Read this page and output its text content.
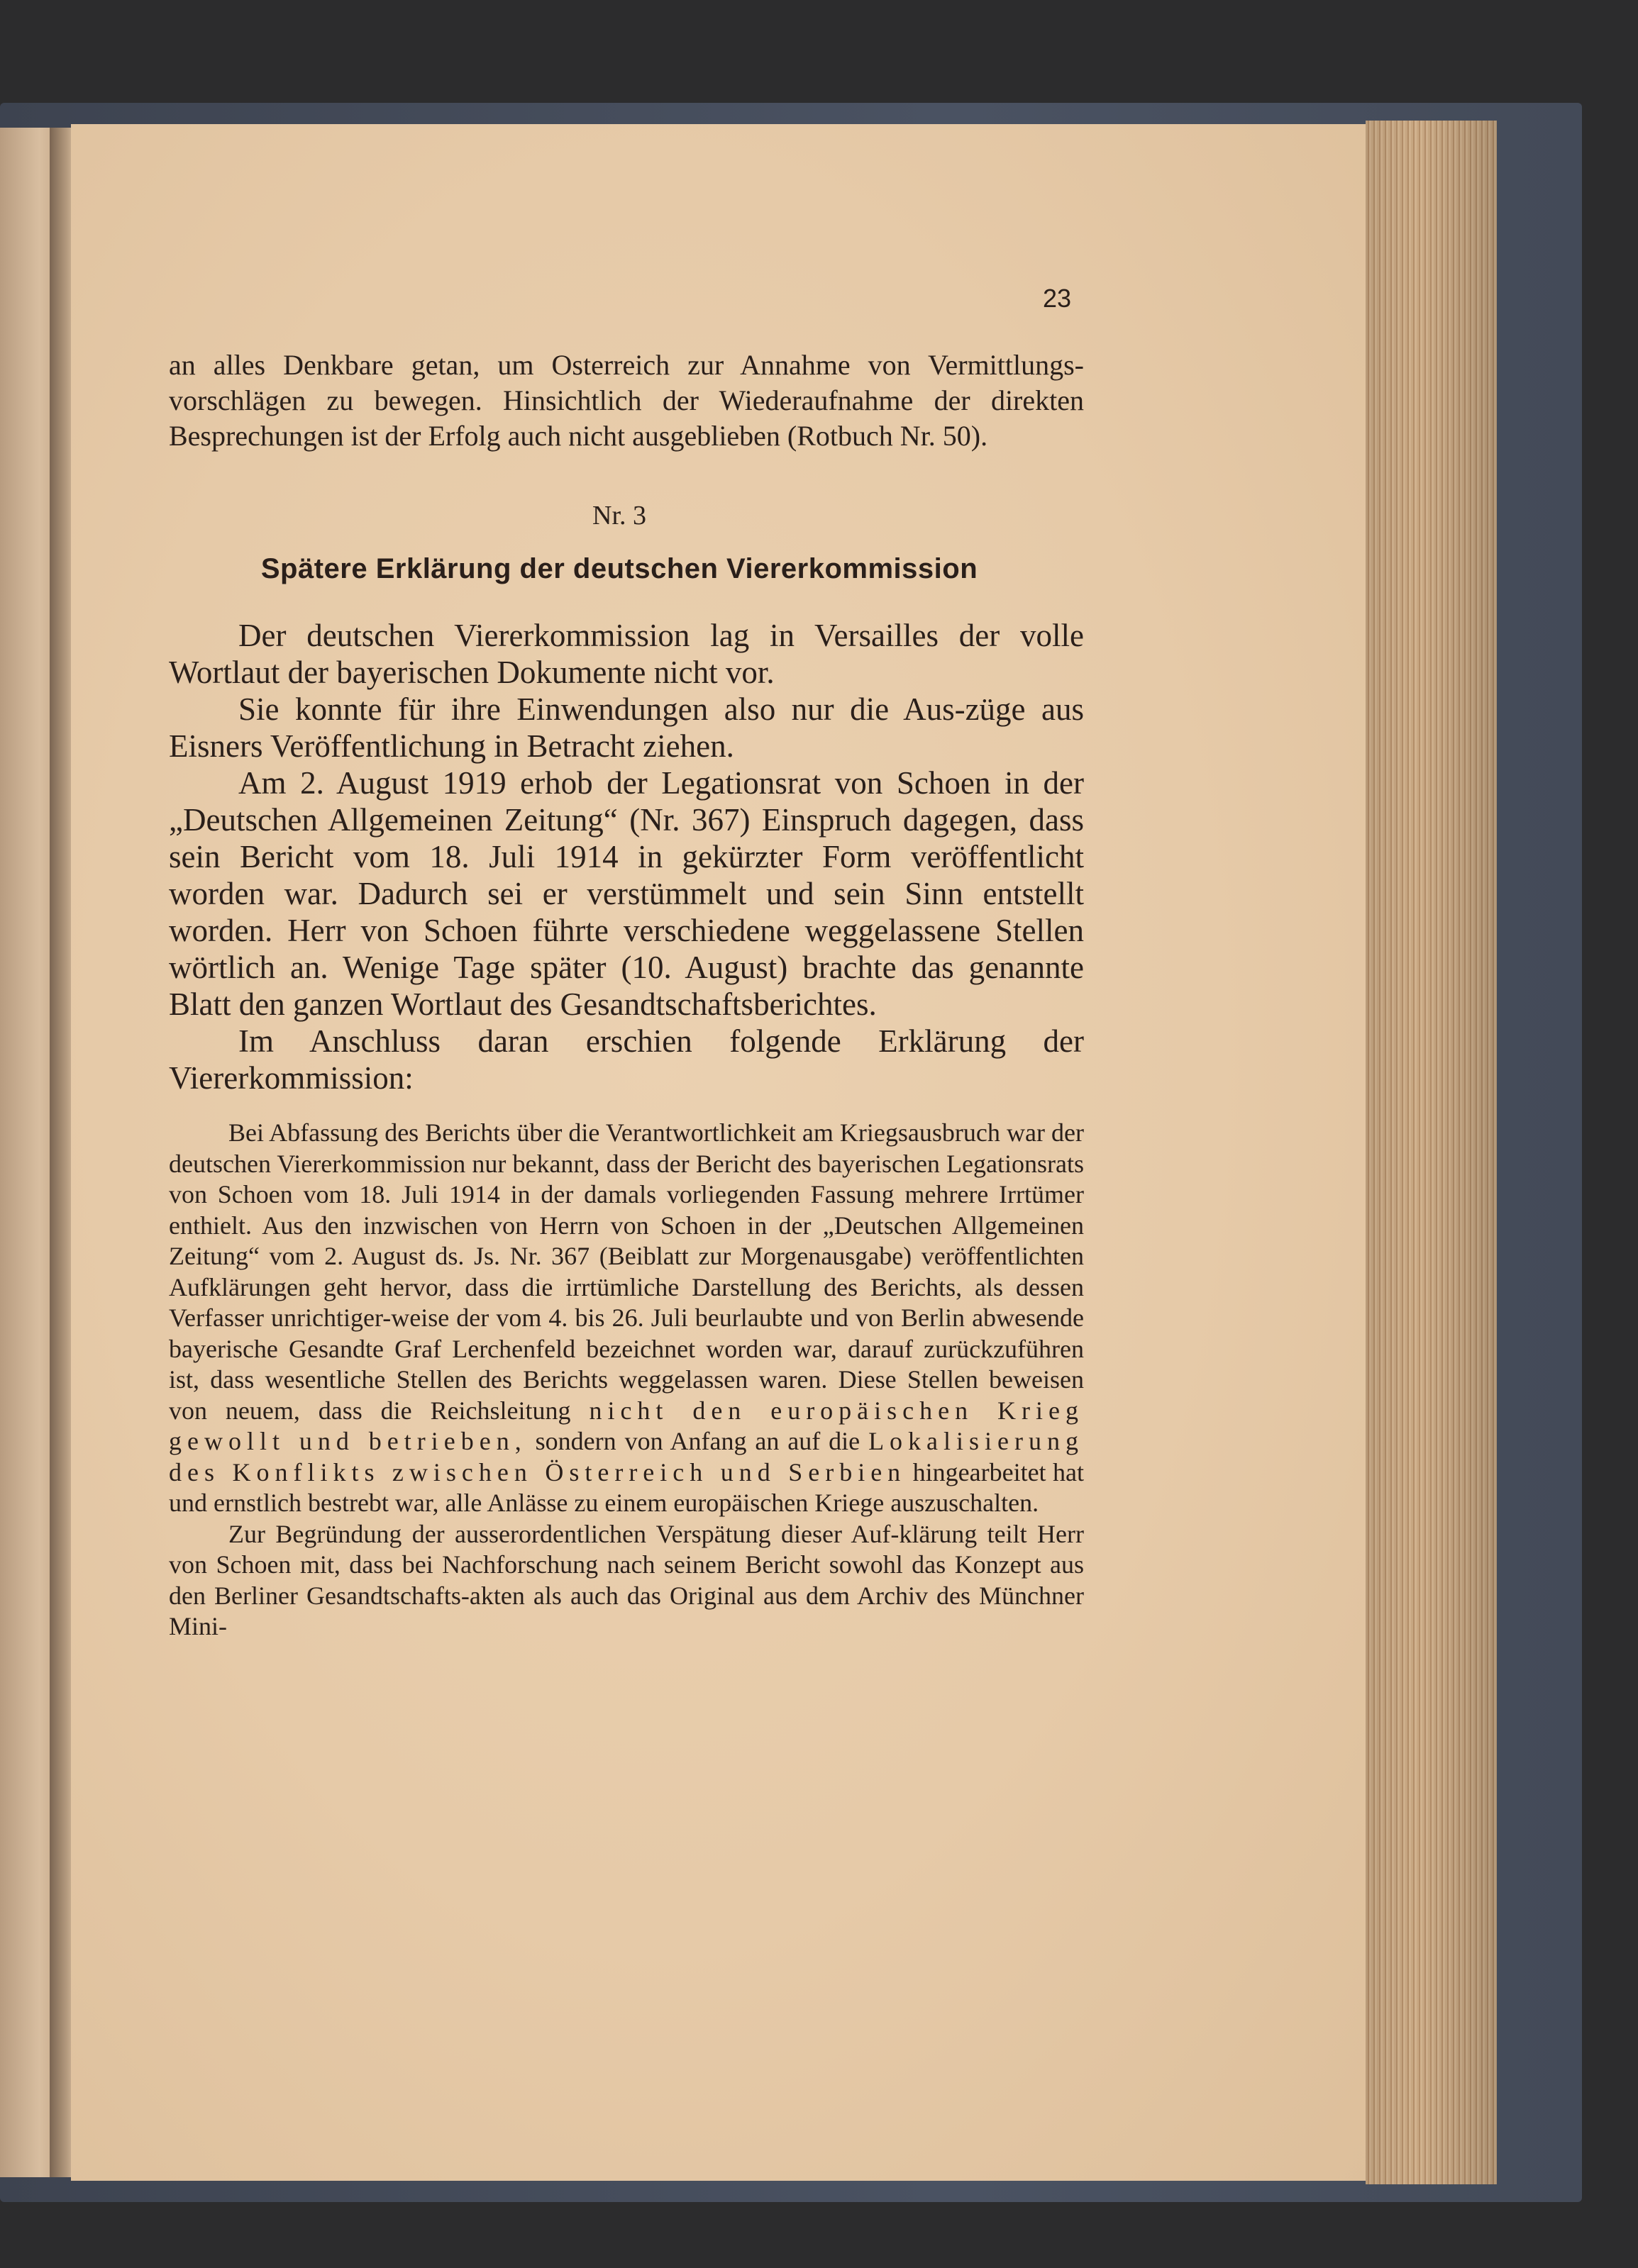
23

an alles Denkbare getan, um Osterreich zur Annahme von Vermittlungs-vorschlägen zu bewegen. Hinsichtlich der Wiederaufnahme der direkten Besprechungen ist der Erfolg auch nicht ausgeblieben (Rotbuch Nr. 50).

Nr. 3
Spätere Erklärung der deutschen Viererkommission

Der deutschen Viererkommission lag in Versailles der volle Wortlaut der bayerischen Dokumente nicht vor.

Sie konnte für ihre Einwendungen also nur die Aus-züge aus Eisners Veröffentlichung in Betracht ziehen.

Am 2. August 1919 erhob der Legationsrat von Schoen in der „Deutschen Allgemeinen Zeitung“ (Nr. 367) Einspruch dagegen, dass sein Bericht vom 18. Juli 1914 in gekürzter Form veröffentlicht worden war. Dadurch sei er verstümmelt und sein Sinn entstellt worden. Herr von Schoen führte verschiedene weggelassene Stellen wörtlich an. Wenige Tage später (10. August) brachte das genannte Blatt den ganzen Wortlaut des Gesandtschaftsberichtes.

Im Anschluss daran erschien folgende Erklärung der Viererkommission:

Bei Abfassung des Berichts über die Verantwortlichkeit am Kriegsausbruch war der deutschen Viererkommission nur bekannt, dass der Bericht des bayerischen Legationsrats von Schoen vom 18. Juli 1914 in der damals vorliegenden Fassung mehrere Irrtümer enthielt. Aus den inzwischen von Herrn von Schoen in der „Deutschen Allgemeinen Zeitung“ vom 2. August ds. Js. Nr. 367 (Beiblatt zur Morgenausgabe) veröffentlichten Aufklärungen geht hervor, dass die irrtümliche Darstellung des Berichts, als dessen Verfasser unrichtiger-weise der vom 4. bis 26. Juli beurlaubte und von Berlin abwesende bayerische Gesandte Graf Lerchenfeld bezeichnet worden war, darauf zurückzuführen ist, dass wesentliche Stellen des Berichts weggelassen waren. Diese Stellen beweisen von neuem, dass die Reichsleitung nicht den europäischen Krieg gewollt und betrieben, sondern von Anfang an auf die Lokalisierung des Konflikts zwischen Österreich und Serbien hingearbeitet hat und ernstlich bestrebt war, alle Anlässe zu einem europäischen Kriege auszuschalten.

Zur Begründung der ausserordentlichen Verspätung dieser Auf-klärung teilt Herr von Schoen mit, dass bei Nachforschung nach seinem Bericht sowohl das Konzept aus den Berliner Gesandtschafts-akten als auch das Original aus dem Archiv des Münchner Mini-
